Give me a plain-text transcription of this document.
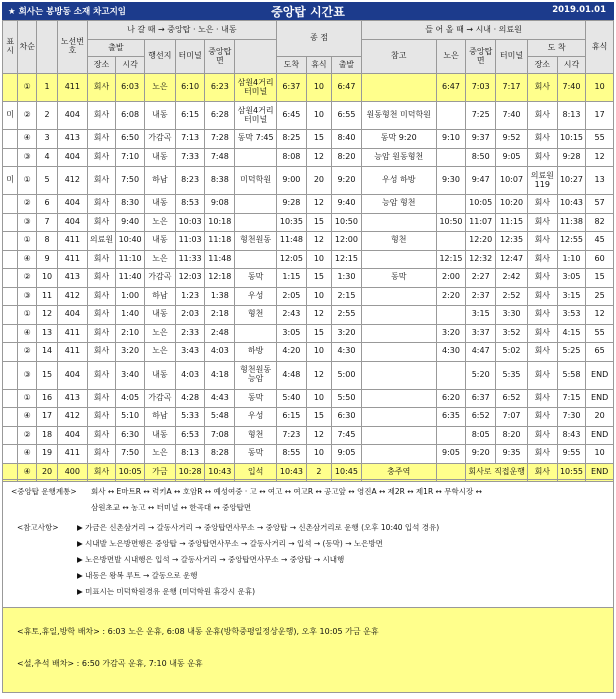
★ 회사는 봉방동 소재 차고지임	중앙탑 시간표	2019.01.01
표시	차순		노선번호	나 갈 때 → 중앙탑 · 노은 · 내동						종 점			들 어 올 때 → 시내 · 의료원						휴식
				출발		행선지	터미널	중앙탑면					참고	노은	중앙탑면	터미널	도 착		
				장소	시각					도착	휴식	출발					장소	시각	
	①	1	411	회사	6:03	노은	6:10	6:23	삼원4거리 터미널	6:37	10	6:47		6:47	7:03	7:17	회사	7:40	10
미	②	2	404	회사	6:08	내동	6:15	6:28	삼원4거리 터미널	6:45	10	6:55	원동형천 미덕학원		7:25	7:40	회사	8:13	17
	④	3	413	회사	6:50	가감곡	7:13	7:28	동막 7:45	8:25	15	8:40	동막 9:20	9:10	9:37	9:52	회사	10:15	55
	③	4	404	회사	7:10	내동	7:33	7:48		8:08	12	8:20	능암 원동형천		8:50	9:05	회사	9:28	12
미	①	5	412	회사	7:50	하남	8:23	8:38	미덕학원	9:00	20	9:20	우성 하방	9:30	9:47	10:07	의료원 119	10:27	13
	②	6	404	회사	8:30	내동	8:53	9:08		9:28	12	9:40	능암 형천		10:05	10:20	회사	10:43	57
	③	7	404	회사	9:40	노은	10:03	10:18		10:35	15	10:50		10:50	11:07	11:15	회사	11:38	82
	①	8	411	의료원	10:40	내동	11:03	11:18	형천원동	11:48	12	12:00	형천		12:20	12:35	회사	12:55	45
	④	9	411	회사	11:10	노은	11:33	11:48		12:05	10	12:15		12:15	12:32	12:47	회사	1:10	60
	②	10	413	회사	11:40	가감곡	12:03	12:18	동막	1:15	15	1:30	동막	2:00	2:27	2:42	회사	3:05	15
	③	11	412	회사	1:00	하남	1:23	1:38	우성	2:05	10	2:15		2:20	2:37	2:52	회사	3:15	25
	①	12	404	회사	1:40	내동	2:03	2:18	형천	2:43	12	2:55			3:15	3:30	회사	3:53	12
	④	13	411	회사	2:10	노은	2:33	2:48		3:05	15	3:20		3:20	3:37	3:52	회사	4:15	55
	②	14	411	회사	3:20	노은	3:43	4:03	하방	4:20	10	4:30		4:30	4:47	5:02	회사	5:25	65
	③	15	404	회사	3:40	내동	4:03	4:18	형천원동 능암	4:48	12	5:00			5:20	5:35	회사	5:58	END
	①	16	413	회사	4:05	가감곡	4:28	4:43	동막	5:40	10	5:50		6:20	6:37	6:52	회사	7:15	END
	④	17	412	회사	5:10	하남	5:33	5:48	우성	6:15	15	6:30		6:35	6:52	7:07	회사	7:30	20
	②	18	404	회사	6:30	내동	6:53	7:08	형천	7:23	12	7:45			8:05	8:20	회사	8:43	END
	④	19	411	회사	7:50	노은	8:13	8:28	동막	8:55	10	9:05		9:05	9:20	9:35	회사	9:55	10
	④	20	400	회사	10:05	가금	10:28	10:43	입석	10:43	2	10:45	충주역		회사로 직접운행		회사	10:55	END
<중앙탑 운행계통> 회사 ↔ E마트R ↔ 럭키A ↔ 호암R ↔ 예성여중 · 고 ↔ 여고 ↔ 여고R ↔ 공고앞 ↔ 영진A ↔ 제2R ↔ 제1R ↔ 무학시장 ↔
삼원초교 ↔ 농고 ↔ 터미널 ↔ 한곡대 ↔ 중앙탑면
<참고사항> ▶ 가금은 신촌삼거리 → 갈동사거리 → 중앙탑면사무소 → 중앙탑 → 신촌삼거리로 운행 (오후 10:40 입석 경유)
▶ 시내발 노은방면행은 중앙탑 → 중앙탑면사무소 → 갈동사거리 → 입석 → (동막) → 노은방면
▶ 노은방면발 시내행은 입석 → 갈동사거리 → 중앙탑면사무소 → 중앙탑 → 시내행
▶ 내동은 왕복 루트 → 갈동으로 운행
▶ 미표시는 미덕학원경유 운행 (미덕학원 휴강시 운휴)
<휴토,휴일,방학 배차> : 6:03 노은 운휴, 6:08 내동 운휴(방학중평일정상운행), 오후 10:05 가금 운휴
<설,추석 배차> : 6:50 가감곡 운휴, 7:10 내동 운휴
